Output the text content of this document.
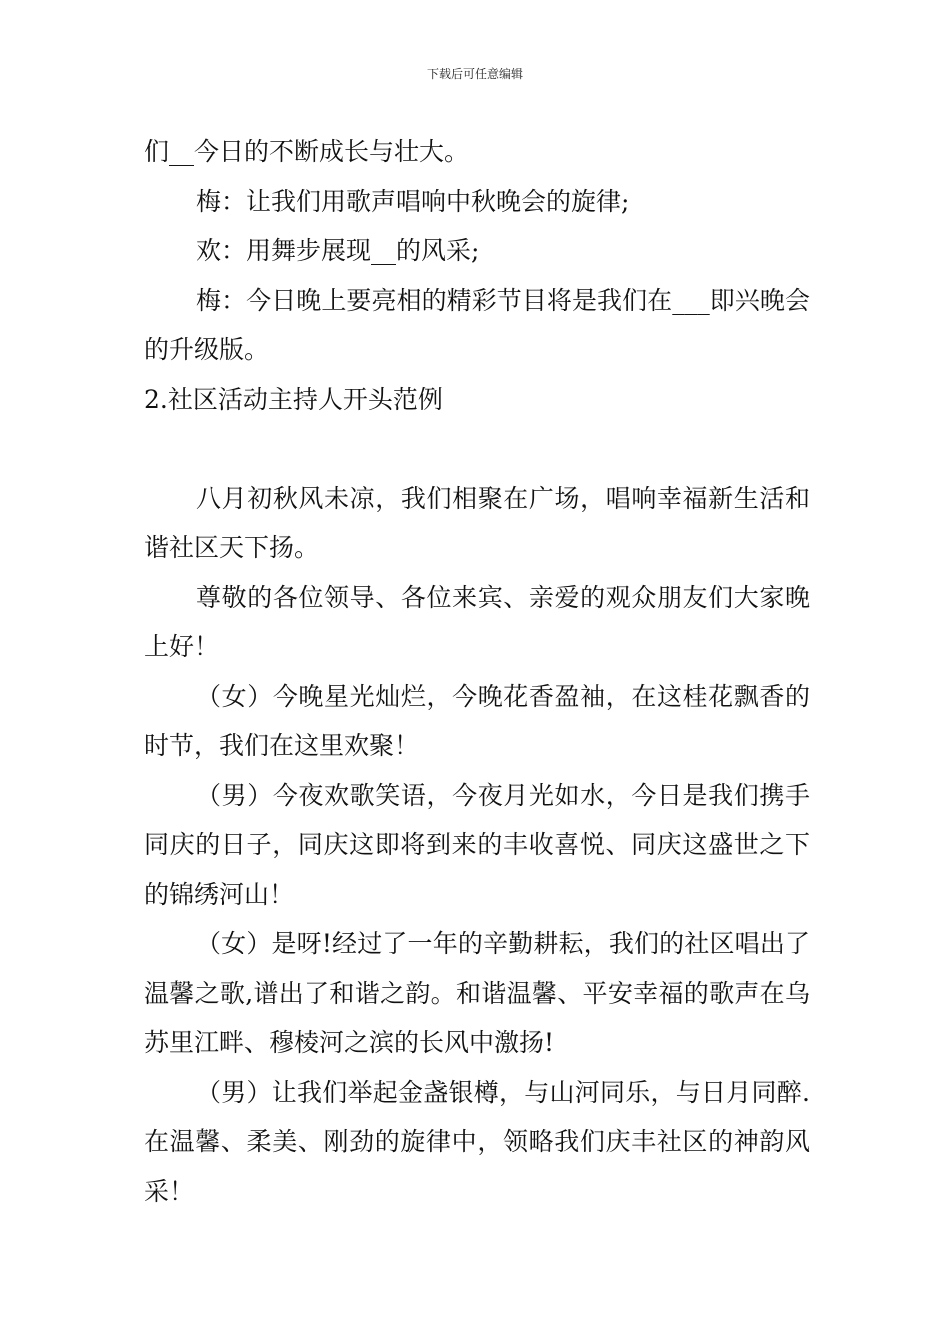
下载后可任意编辑

们__今日的不断成长与壮大。

梅：让我们用歌声唱响中秋晚会的旋律;

欢：用舞步展现__的风采;

梅：今日晚上要亮相的精彩节目将是我们在___即兴晚会的升级版。

2.社区活动主持人开头范例

八月初秋风未凉，我们相聚在广场，唱响幸福新生活和谐社区天下扬。

尊敬的各位领导、各位来宾、亲爱的观众朋友们大家晚上好！

（女）今晚星光灿烂，今晚花香盈袖，在这桂花飘香的时节，我们在这里欢聚！

（男）今夜欢歌笑语，今夜月光如水，今日是我们携手同庆的日子，同庆这即将到来的丰收喜悦、同庆这盛世之下的锦绣河山！

（女）是呀!经过了一年的辛勤耕耘，我们的社区唱出了温馨之歌,谱出了和谐之韵。和谐温馨、平安幸福的歌声在乌苏里江畔、穆棱河之滨的长风中激扬!

（男）让我们举起金盏银樽，与山河同乐，与日月同醉.在温馨、柔美、刚劲的旋律中，领略我们庆丰社区的神韵风采！
